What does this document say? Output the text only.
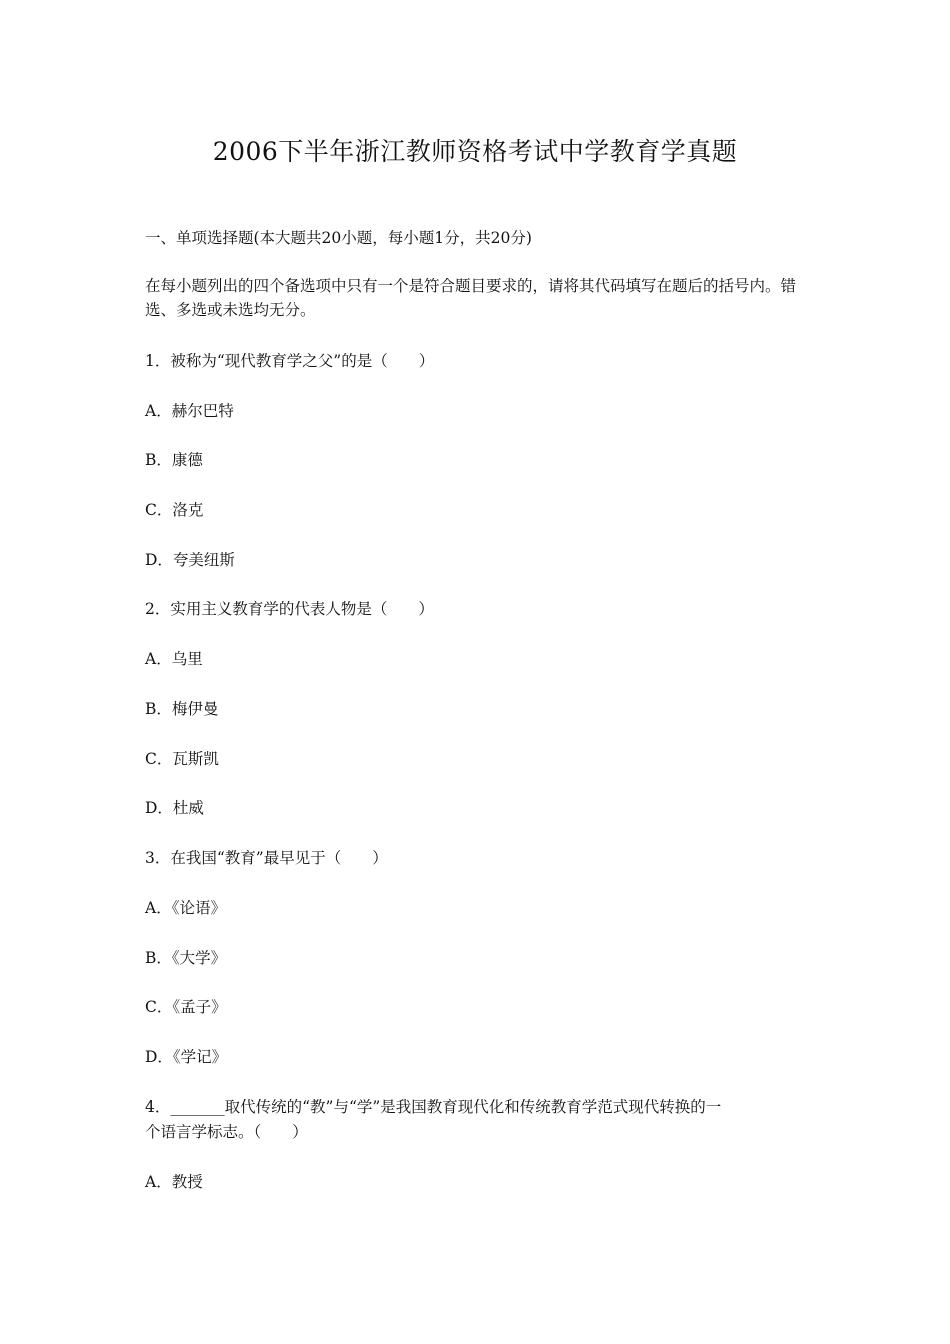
2006下半年浙江教师资格考试中学教育学真题
一、单项选择题(本大题共20小题，每小题1分，共20分)
在每小题列出的四个备选项中只有一个是符合题目要求的，请将其代码填写在题后的括号内。错选、多选或未选均无分。
1．被称为“现代教育学之父”的是（　　）
A．赫尔巴特
B．康德
C．洛克
D．夸美纽斯
2．实用主义教育学的代表人物是（　　）
A．乌里
B．梅伊曼
C．瓦斯凯
D．杜威
3．在我国“教育”最早见于（　　）
A．《论语》
B．《大学》
C．《孟子》
D．《学记》
4．_______取代传统的“教”与“学”是我国教育现代化和传统教育学范式现代转换的一
个语言学标志。（　　）
A．教授
